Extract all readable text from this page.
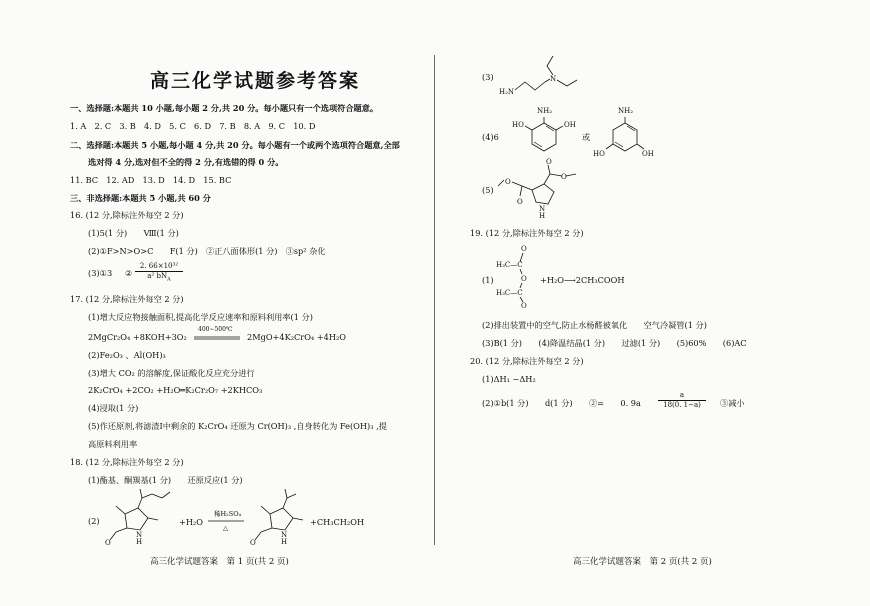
高三化学试题参考答案
一、选择题:本题共 10 小题,每小题 2 分,共 20 分。每小题只有一个选项符合题意。
1. A　2. C　3. B　4. D　5. C　6. D　7. B　8. A　9. C　10. D
二、选择题:本题共 5 小题,每小题 4 分,共 20 分。每小题有一个或两个选项符合题意,全部
选对得 4 分,选对但不全的得 2 分,有选错的得 0 分。
11. BC　12. AD　13. D　14. D　15. BC
三、非选择题:本题共 5 小题,共 60 分
16. (12 分,除标注外每空 2 分)
(1)5(1 分)　　Ⅷ(1 分)
(2)①F>N>O>C　　F(1 分)　②正八面体形(1 分)　③sp² 杂化
(3)①3 ②
2. 66×10³²
a² $bN_A$
17. (12 分,除标注外每空 2 分)
(1)增大反应物接触面积,提高化学反应速率和原料利用率(1 分)
2MgCr₂O₄ +8KOH+3O₂
400∼500℃
2MgO+4K₂CrO₄ +4H₂O
(2)Fe₂O₃ 、Al(OH)₃
(3)增大 CO₂ 的溶解度,保证酸化反应充分进行
2K₂CrO₄ +2CO₂ +H₂O═K₂Cr₂O₇ +2KHCO₃
(4)浸取(1 分)
(5)作还原剂,将滤渣Ⅰ中剩余的 K₂CrO₄ 还原为 Cr(OH)₃ ,自身转化为 Fe(OH)₃ ,提
高原料利用率
18. (12 分,除标注外每空 2 分)
(1)酯基、酮羰基(1 分)　　还原反应(1 分)
(2)
O
N
H
+H₂O
稀H₂SO₄
△
O
N
H
+CH₃CH₂OH
高三化学试题答案　第 1 页(共 2 页)
(3)
H₂N
N
(4)6
NH₂
HO	OH
或
NH₂
HO	OH
(5)
O
O
O
O
N
H
19. (12 分,除标注外每空 2 分)
(1)
O
H₃C—C
O
H₃C—C
O
+H₂O⟶2CH₃COOH
(2)排出装置中的空气,防止水杨醛被氧化　　空气冷凝管(1 分)
(3)B(1 分)　　(4)降温结晶(1 分)　　过滤(1 分)　　(5)60%　　(6)AC
20. (12 分,除标注外每空 2 分)
(1)ΔH₁ −ΔH₂
(2)①b(1 分)　　d(1 分)　　②=　　0. $9a \frac{a}{18(0. 1-a)}$ ③减小
高三化学试题答案　第 2 页(共 2 页)
